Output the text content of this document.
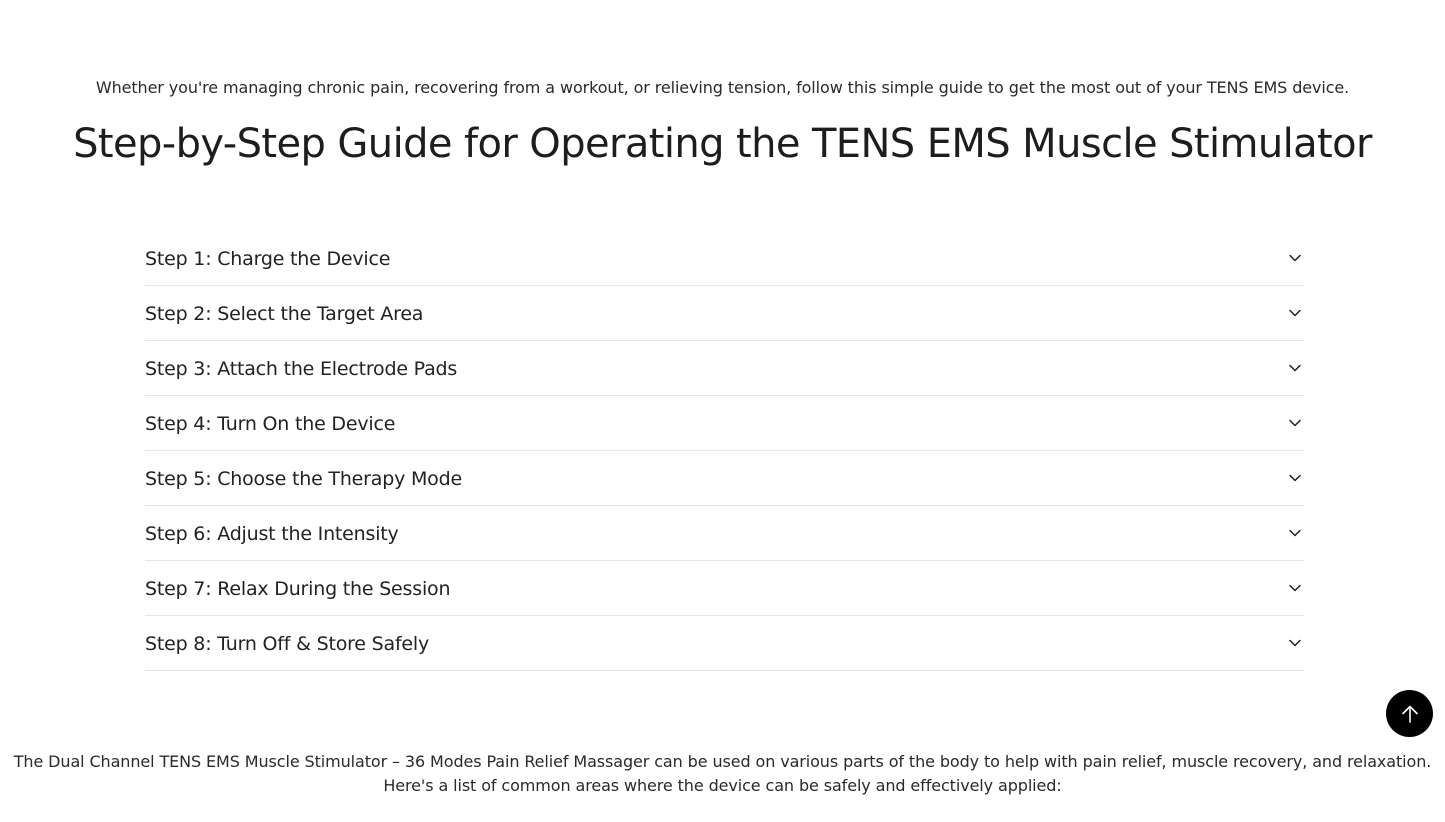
Whether you're managing chronic pain, recovering from a workout, or relieving tension, follow this simple guide to get the most out of your TENS EMS device.

Step-by-Step Guide for Operating the TENS EMS Muscle Stimulator
Step 1: Charge the Device
Step 2: Select the Target Area
Step 3: Attach the Electrode Pads
Step 4: Turn On the Device
Step 5: Choose the Therapy Mode
Step 6: Adjust the Intensity
Step 7: Relax During the Session
Step 8: Turn Off & Store Safely
The Dual Channel TENS EMS Muscle Stimulator – 36 Modes Pain Relief Massager can be used on various parts of the body to help with pain relief, muscle recovery, and relaxation.
Here's a list of common areas where the device can be safely and effectively applied:
